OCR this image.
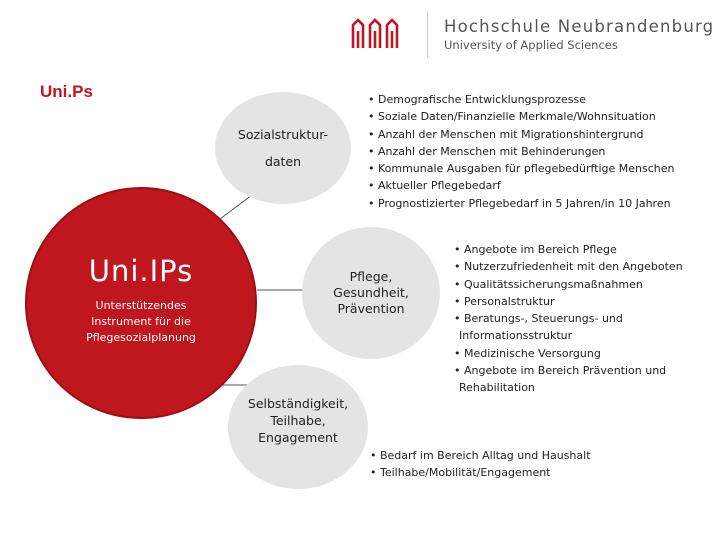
Hochschule Neubrandenburg
University of Applied Sciences
Uni.Ps
Sozialstruktur-
daten
Uni.IPs
Unterstützendes
Instrument für die
Pflegesozialplanung
Pflege,
Gesundheit,
Prävention
Selbständigkeit,
Teilhabe,
Engagement
• Demografische Entwicklungsprozesse
• Soziale Daten/Finanzielle Merkmale/Wohnsituation
• Anzahl der Menschen mit Migrationshintergrund
• Anzahl der Menschen mit Behinderungen
• Kommunale Ausgaben für pflegebedürftige Menschen
• Aktueller Pflegebedarf
• Prognostizierter Pflegebedarf in 5 Jahren/in 10 Jahren
• Angebote im Bereich Pflege
• Nutzerzufriedenheit mit den Angeboten
• Qualitätssicherungsmaßnahmen
• Personalstruktur
• Beratungs-, Steuerungs- und
Informationsstruktur
• Medizinische Versorgung
• Angebote im Bereich Prävention und
Rehabilitation
• Bedarf im Bereich Alltag und Haushalt
• Teilhabe/Mobilität/Engagement
